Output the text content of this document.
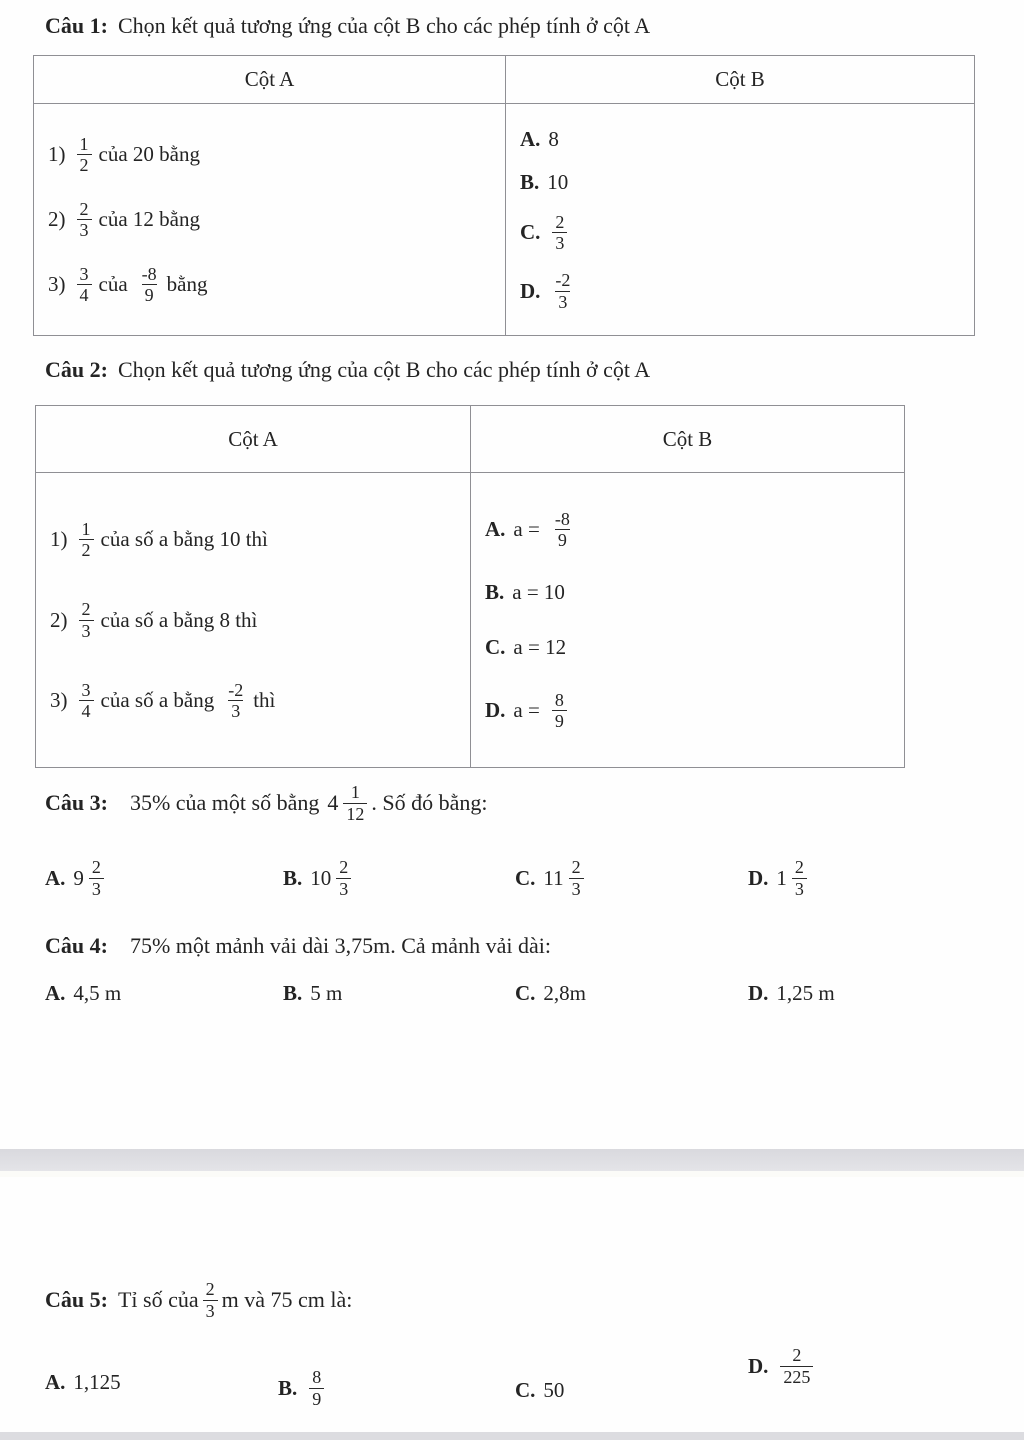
Câu 1: Chọn kết quả tương ứng của cột B cho các phép tính ở cột A
Cột A	Cột B
$1) \frac{1}{2}$ của 20 bằng
$2) \frac{2}{3}$ của 12 bằng
$3) \frac{3}{4}$ của $\frac{-8}{9}$ bằng
A. 8
B. 10
C. $\frac{2}{3}$
D. $\frac{-2}{3}$
Câu 2: Chọn kết quả tương ứng của cột B cho các phép tính ở cột A
Cột A	Cột B
$1) \frac{1}{2}$ của số a bằng 10 thì
$2) \frac{2}{3}$ của số a bằng 8 thì
$3) \frac{3}{4}$ của số a bằng $\frac{-2}{3}$ thì
A. $a = \frac{-8}{9}$
B. a = 10
C. a = 12
D. $a = \frac{8}{9}$
Câu 3: 35% của một số bằng $4 \frac{1}{12}$ . Số đó bằng:
A. $9 \frac{2}{3}$	B. $10 \frac{2}{3}$	C. $11 \frac{2}{3}$	D. $1 \frac{2}{3}$
Câu 4: 75% một mảnh vải dài 3,75m. Cả mảnh vải dài:
A. 4,5 m	B. 5 m	C. 2,8m	D. 1,25 m
Câu 5: Tỉ số của $\frac{2}{3}$ m và 75 cm là:
A. 1,125	B. $\frac{8}{9}$	C. 50
D. $\frac{2}{225}$
